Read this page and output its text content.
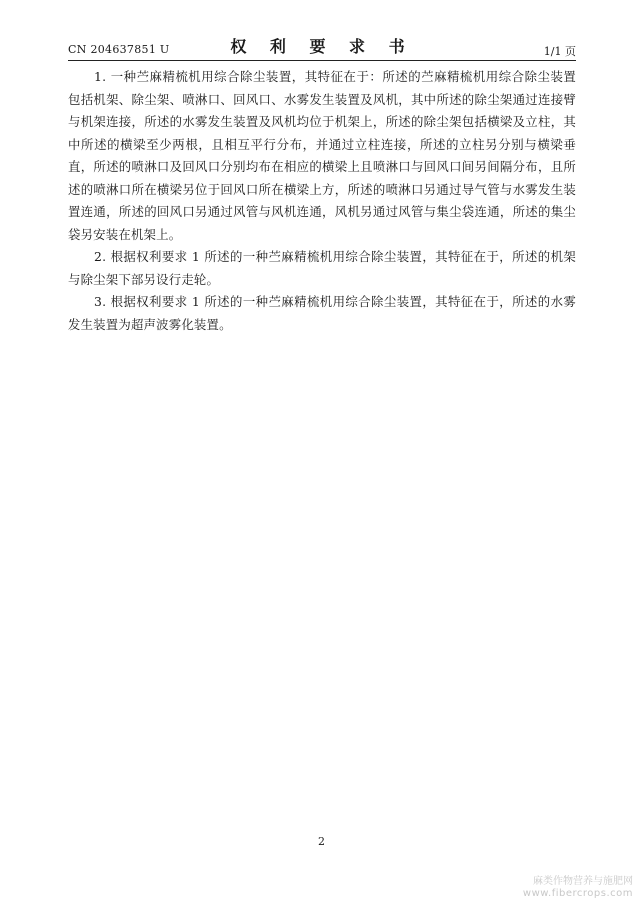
CN 204637851 U	权 利 要 求 书	1/1 页

1. 一种苎麻精梳机用综合除尘装置，其特征在于：所述的苎麻精梳机用综合除尘装置包括机架、除尘架、喷淋口、回风口、水雾发生装置及风机，其中所述的除尘架通过连接臂与机架连接，所述的水雾发生装置及风机均位于机架上，所述的除尘架包括横梁及立柱，其中所述的横梁至少两根，且相互平行分布，并通过立柱连接，所述的立柱另分别与横梁垂直，所述的喷淋口及回风口分别均布在相应的横梁上且喷淋口与回风口间另间隔分布，且所述的喷淋口所在横梁另位于回风口所在横梁上方，所述的喷淋口另通过导气管与水雾发生装置连通，所述的回风口另通过风管与风机连通，风机另通过风管与集尘袋连通，所述的集尘袋另安装在机架上。

2. 根据权利要求 1 所述的一种苎麻精梳机用综合除尘装置，其特征在于，所述的机架与除尘架下部另设行走轮。

3. 根据权利要求 1 所述的一种苎麻精梳机用综合除尘装置，其特征在于，所述的水雾发生装置为超声波雾化装置。

2
麻类作物营养与施肥网
www.fibercrops.com
